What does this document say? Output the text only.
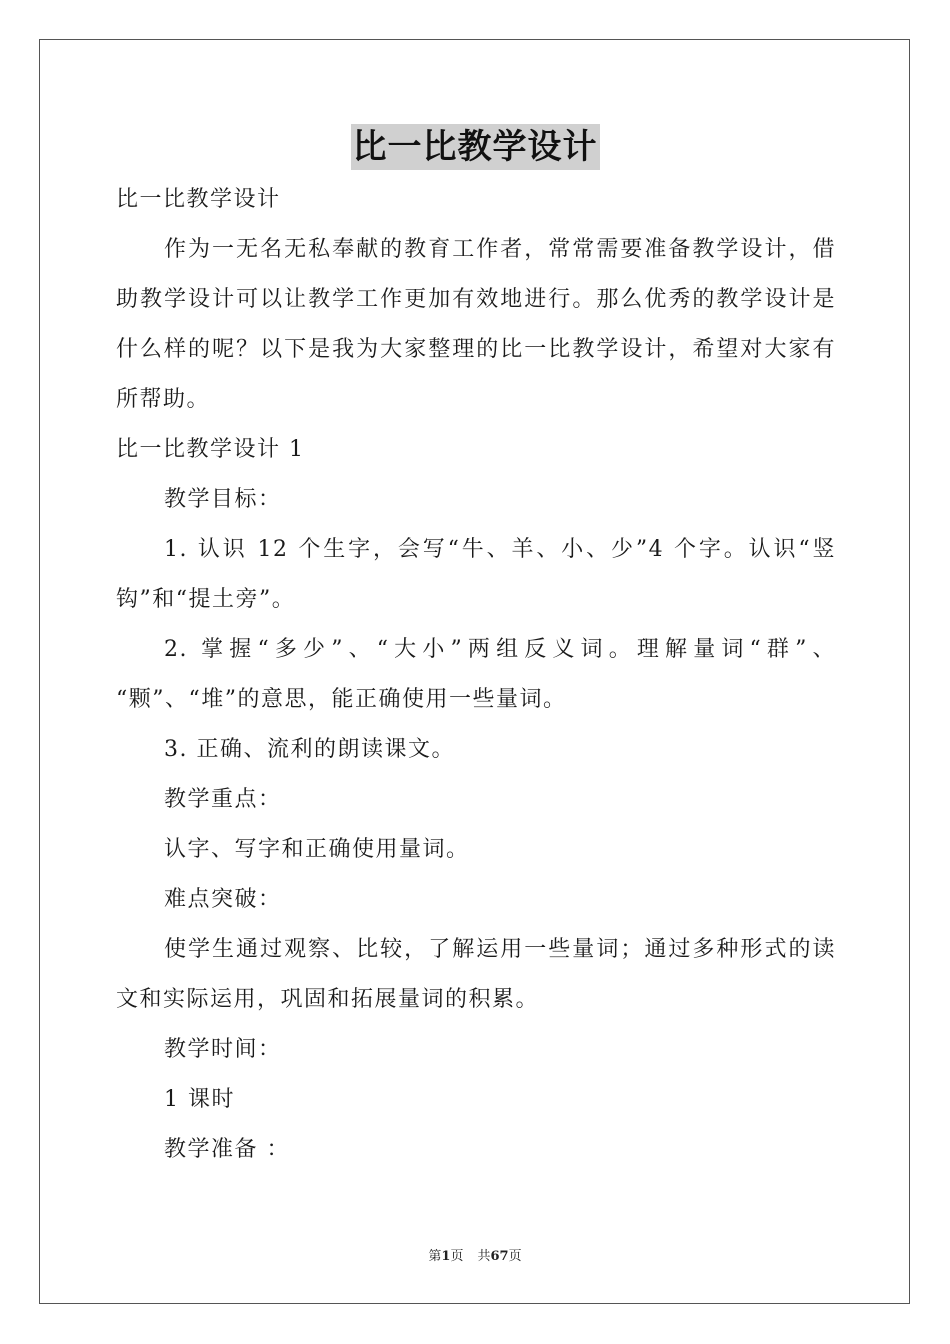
比一比教学设计
比一比教学设计
作为一无名无私奉献的教育工作者，常常需要准备教学设计，借
助教学设计可以让教学工作更加有效地进行。那么优秀的教学设计是
什么样的呢？以下是我为大家整理的比一比教学设计，希望对大家有
所帮助。
比一比教学设计 1
教学目标：
1. 认识 12 个生字，会写“牛、羊、小、少”4 个字。认识“竖
钩”和“提土旁”。
2. 掌握“多少”、“大小”两组反义词。理解量词“群”、
“颗”、“堆”的意思，能正确使用一些量词。
3. 正确、流利的朗读课文。
教学重点：
认字、写字和正确使用量词。
难点突破：
使学生通过观察、比较，了解运用一些量词；通过多种形式的读
文和实际运用，巩固和拓展量词的积累。
教学时间：
1 课时
教学准备 ：
第1页 共67页
